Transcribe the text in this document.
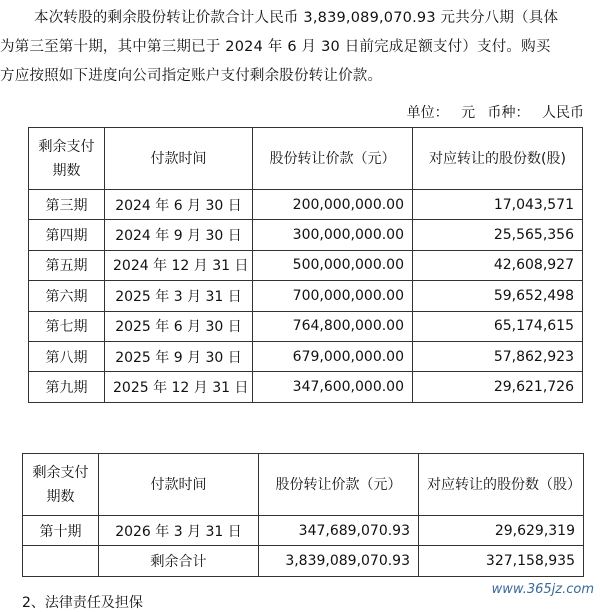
本次转股的剩余股份转让价款合计人民币 3,839,089,070.93 元共分八期（具体
为第三至第十期，其中第三期已于 2024 年 6 月 30 日前完成足额支付）支付。购买
方应按照如下进度向公司指定账户支付剩余股份转让价款。
单位： 元 币种： 人民币
剩余支付期数	付款时间	股份转让价款（元）	对应转让的股份数(股)
第三期	2024 年 6 月 30 日	200,000,000.00	17,043,571
第四期	2024 年 9 月 30 日	300,000,000.00	25,565,356
第五期	2024 年 12 月 31 日	500,000,000.00	42,608,927
第六期	2025 年 3 月 31 日	700,000,000.00	59,652,498
第七期	2025 年 6 月 30 日	764,800,000.00	65,174,615
第八期	2025 年 9 月 30 日	679,000,000.00	57,862,923
第九期	2025 年 12 月 31 日	347,600,000.00	29,621,726
剩余支付期数	付款时间	股份转让价款（元）	对应转让的股份数（股）
第十期	2026 年 3 月 31 日	347,689,070.93	29,629,319
	剩余合计	3,839,089,070.93	327,158,935
2、法律责任及担保
www.365jz.com
